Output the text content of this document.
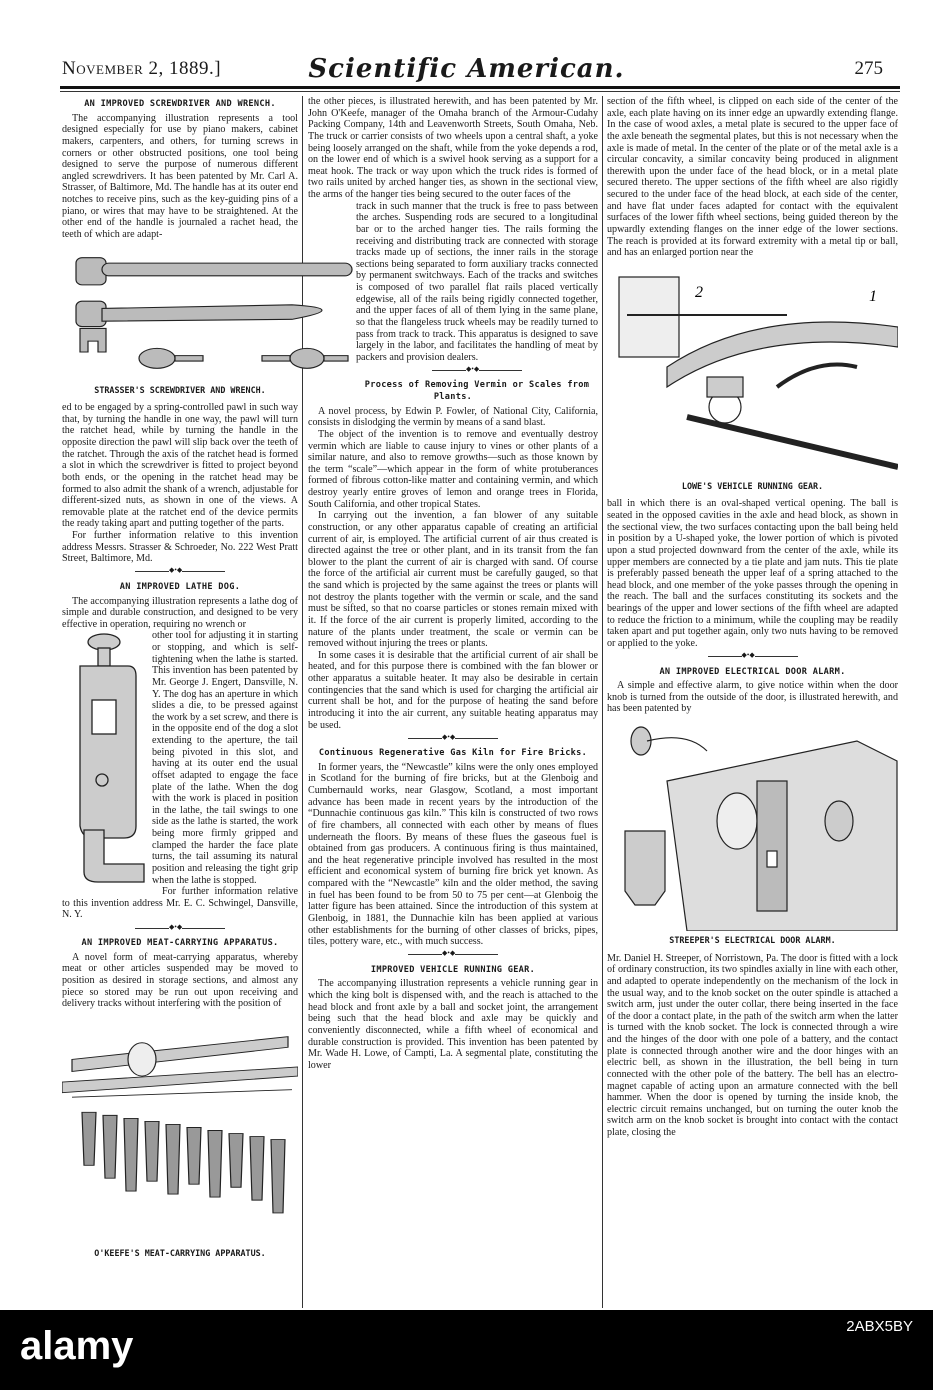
November 2, 1889.]	Scientific American.	275
AN IMPROVED SCREWDRIVER AND WRENCH.

The accompanying illustration represents a tool designed especially for use by piano makers, cabinet makers, carpenters, and others, for turning screws in corners or other obstructed positions, one tool being designed to serve the purpose of numerous different angled screwdrivers. It has been patented by Mr. Carl A. Strasser, of Baltimore, Md. The handle has at its outer end notches to receive pins, such as the key-guiding pins of a piano, or wires that may have to be straightened. At the other end of the handle is journaled a rachet head, the teeth of which are adapt-

STRASSER'S SCREWDRIVER AND WRENCH.

ed to be engaged by a spring-controlled pawl in such way that, by turning the handle in one way, the pawl will turn the ratchet head, while by turning the handle in the opposite direction the pawl will slip back over the teeth of the ratchet. Through the axis of the ratchet head is formed a slot in which the screwdriver is fitted to project beyond both ends, or the opening in the ratchet head may be formed to also admit the shank of a wrench, adjustable for different-sized nuts, as shown in one of the views. A removable plate at the ratchet end of the device permits the ready taking apart and putting together of the parts.

For further information relative to this invention address Messrs. Strasser & Schroeder, No. 222 West Pratt Street, Baltimore, Md.

◆•◆
AN IMPROVED LATHE DOG.

The accompanying illustration represents a lathe dog of simple and durable construction, and designed to be very effective in operation, requiring no wrench or

other tool for adjusting it in starting or stopping, and which is self-tightening when the lathe is started. This invention has been patented by Mr. George J. Engert, Dansville, N. Y. The dog has an aperture in which slides a die, to be pressed against the work by a set screw, and there is in the opposite end of the dog a slot extending to the aperture, the tail being pivoted in this slot, and having at its outer end the usual offset adapted to engage the face plate of the lathe. When the dog with the work is placed in position in the lathe, the tail swings to one side as the lathe is started, the work being more firmly gripped and clamped the harder the face plate turns, the tail assuming its natural position and releasing the tight grip when the lathe is stopped.

For further information relative to this invention address Mr. E. C. Schwingel, Dansville, N. Y.

◆•◆
AN IMPROVED MEAT-CARRYING APPARATUS.

A novel form of meat-carrying apparatus, whereby meat or other articles suspended may be moved to position as desired in storage sections, and almost any piece so stored may be run out upon receiving and delivery tracks without interfering with the position of

O'KEEFE'S MEAT-CARRYING APPARATUS.

the other pieces, is illustrated herewith, and has been patented by Mr. John O'Keefe, manager of the Omaha branch of the Armour-Cudahy Packing Company, 14th and Leavenworth Streets, South Omaha, Neb. The truck or carrier consists of two wheels upon a central shaft, a yoke being loosely arranged on the shaft, while from the yoke depends a rod, on the lower end of which is a swivel hook serving as a support for a meat hook. The track or way upon which the truck rides is formed of two rails united by arched hanger ties, as shown in the sectional view, the arms of the hanger ties being secured to the outer faces of the

track in such manner that the truck is free to pass between the arches. Suspending rods are secured to a longitudinal bar or to the arched hanger ties. The rails forming the receiving and distributing track are connected with storage tracks made up of sections, the inner rails in the storage sections being separated to form auxiliary tracks connected by permanent switchways. Each of the tracks and switches is composed of two parallel flat rails placed vertically edgewise, all of the rails being rigidly connected together, and the upper faces of all of them lying in the same plane, so that the flangeless truck wheels may be readily turned to pass from track to track. This apparatus is designed to save largely in the labor, and facilitates the handling of meat by packers and provision dealers.

◆•◆
Process of Removing Vermin or Scales from Plants.

A novel process, by Edwin P. Fowler, of National City, California, consists in dislodging the vermin by means of a sand blast.

The object of the invention is to remove and eventually destroy vermin which are liable to cause injury to vines or other plants of a similar nature, and also to remove growths—such as those known by the term “scale”—which appear in the form of white protuberances formed of fibrous cotton-like matter and containing vermin, and which destroy yearly entire groves of lemon and orange trees in Florida, South California, and other tropical States.

In carrying out the invention, a fan blower of any suitable construction, or any other apparatus capable of creating an artificial current of air, is employed. The artificial current of air thus created is directed against the tree or other plant, and in its transit from the fan blower to the plant the current of air is charged with sand. Of course the force of the artificial air current must be carefully gauged, so that the sand which is projected by the same against the trees or plants will not destroy the plants together with the vermin or scale, and the sand must be sifted, so that no coarse particles or stones remain mixed with it. If the force of the air current is properly limited, according to the nature of the plants under treatment, the scale or vermin can be removed without injuring the trees or plants.

In some cases it is desirable that the artificial current of air shall be heated, and for this purpose there is combined with the fan blower or other apparatus a suitable heater. It may also be desirable in certain contingencies that the sand which is used for charging the artificial air current shall be hot, and for the purpose of heating the sand before introducing it into the air current, any suitable heating apparatus may be used.

◆•◆
Continuous Regenerative Gas Kiln for Fire Bricks.

In former years, the “Newcastle” kilns were the only ones employed in Scotland for the burning of fire bricks, but at the Glenboig and Cumbernauld works, near Glasgow, Scotland, a most important advance has been made in recent years by the introduction of the “Dunnachie continuous gas kiln.” This kiln is constructed of two rows of fire chambers, all connected with each other by means of flues underneath the floors. By means of these flues the gaseous fuel is obtained from gas producers. A continuous firing is thus maintained, and the heat regenerative principle involved has resulted in the most efficient and economical system of burning fire brick yet known. As compared with the “Newcastle” kiln and the older method, the saving in fuel has been found to be from 50 to 75 per cent—at Glenboig the latter figure has been attained. Since the introduction of this system at Glenboig, in 1881, the Dunnachie kiln has been applied at various other establishments for the burning of other classes of bricks, pipes, tiles, pottery ware, etc., with much success.

◆•◆
IMPROVED VEHICLE RUNNING GEAR.

The accompanying illustration represents a vehicle running gear in which the king bolt is dispensed with, and the reach is attached to the head block and front axle by a ball and socket joint, the arrangement being such that the head block and axle may be quickly and conveniently disconnected, while a fifth wheel of economical and durable construction is provided. This invention has been patented by Mr. Wade H. Lowe, of Campti, La. A segmental plate, constituting the lower

section of the fifth wheel, is clipped on each side of the center of the axle, each plate having on its inner edge an upwardly extending flange. In the case of wood axles, a metal plate is secured to the upper face of the axle beneath the segmental plates, but this is not necessary when the axle is made of metal. In the center of the plate or of the metal axle is a circular concavity, a similar concavity being produced in alignment therewith upon the under face of the head block, or in a metal plate secured thereto. The upper sections of the fifth wheel are also rigidly secured to the under face of the head block, at each side of the center, and have flat under faces adapted for contact with the equivalent surfaces of the lower fifth wheel sections, being guided thereon by the upwardly extending flanges on the inner edge of the lower sections. The reach is provided at its forward extremity with a metal tip or ball, and has an enlarged portion near the

2	1
LOWE'S VEHICLE RUNNING GEAR.

ball in which there is an oval-shaped vertical opening. The ball is seated in the opposed cavities in the axle and head block, as shown in the sectional view, the two surfaces contacting upon the ball being held in position by a U-shaped yoke, the lower portion of which is pivoted upon a stud projected downward from the center of the axle, while its upper members are connected by a tie plate and jam nuts. This tie plate is preferably passed beneath the upper leaf of a spring attached to the head block, and one member of the yoke passes through the opening in the reach. The ball and the surfaces constituting its sockets and the bearings of the upper and lower sections of the fifth wheel are adapted to reduce the friction to a minimum, while the coupling may be readily taken apart and put together again, only two nuts having to be removed or applied to the yoke.

◆•◆
AN IMPROVED ELECTRICAL DOOR ALARM.

A simple and effective alarm, to give notice within when the door knob is turned from the outside of the door, is illustrated herewith, and has been patented by

STREEPER'S ELECTRICAL DOOR ALARM.

Mr. Daniel H. Streeper, of Norristown, Pa. The door is fitted with a lock of ordinary construction, its two spindles axially in line with each other, and adapted to operate independently on the mechanism of the lock in the usual way, and to the knob socket on the outer spindle is attached a switch arm, just under the outer collar, there being inserted in the face of the door a contact plate, in the path of the switch arm when the latter is turned with the knob socket. The lock is connected through a wire and the hinges of the door with one pole of a battery, and the contact plate is connected through another wire and the door hinges with an electric bell, as shown in the illustration, the bell being in turn connected with the other pole of the battery. The bell has an electro-magnet capable of acting upon an armature connected with the bell hammer. When the door is opened by turning the inside knob, the electric circuit remains unchanged, but on turning the outer knob the switch arm on the knob socket is brought into contact with the contact plate, closing the

alamy	2ABX5BY
